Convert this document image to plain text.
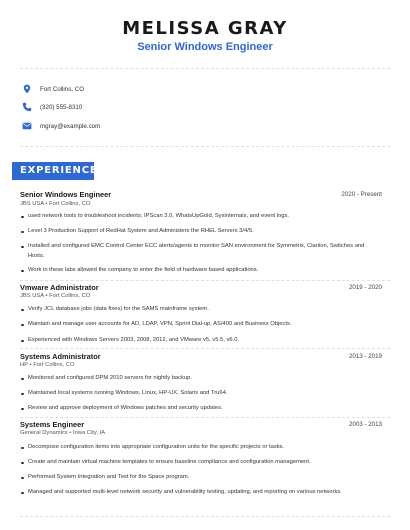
MELISSA GRAY
Senior Windows Engineer
Fort Collins, CO
(320) 555-8310
mgray@example.com
EXPERIENCE
Senior Windows Engineer	2020 - Present
JBS USA • Fort Collins, CO
used network tools to troubleshoot incidents; IPScan 3.0, WhatsUpGold, Sysinternals, and event logs.
Level 3 Production Support of RedHat System and Administers the RHEL Servers 3/4/5.
Installed and configured EMC Control Center ECC alerts/agents to monitor SAN environment for Symmetrix, Clariion, Switches and Hosts.
Work in these labs allowed the company to enter the field of hardware based applications.
Vmware Administrator	2019 - 2020
JBS USA • Fort Collins, CO
Verify JCL database jobs (data fixes) for the SAMS mainframe system.
Maintain and manage user accounts for AD, LDAP, VPN, Sprint Dial-up, AS/400 and Business Objects.
Experienced with Windows Servers 2003, 2008, 2012, and VMware v5, v5.5, v6.0.
Systems Administrator	2013 - 2019
HP • Fort Collins, CO
Monitored and configured DPM 2010 servers for nightly backup.
Maintained local systems running Windows, Linux, HP-UX, Solaris and Tru64.
Review and approve deployment of Windows patches and security updates.
Systems Engineer	2003 - 2013
General Dynamics • Iowa City, IA
Decompose configuration items into appropriate configuration units for the specific projects or tasks.
Create and maintain virtual machine templates to ensure baseline compliance and configuration management.
Performed System Integration and Test for the Space program.
Managed and supported multi-level network security and vulnerability testing, updating, and reporting on various networks.
